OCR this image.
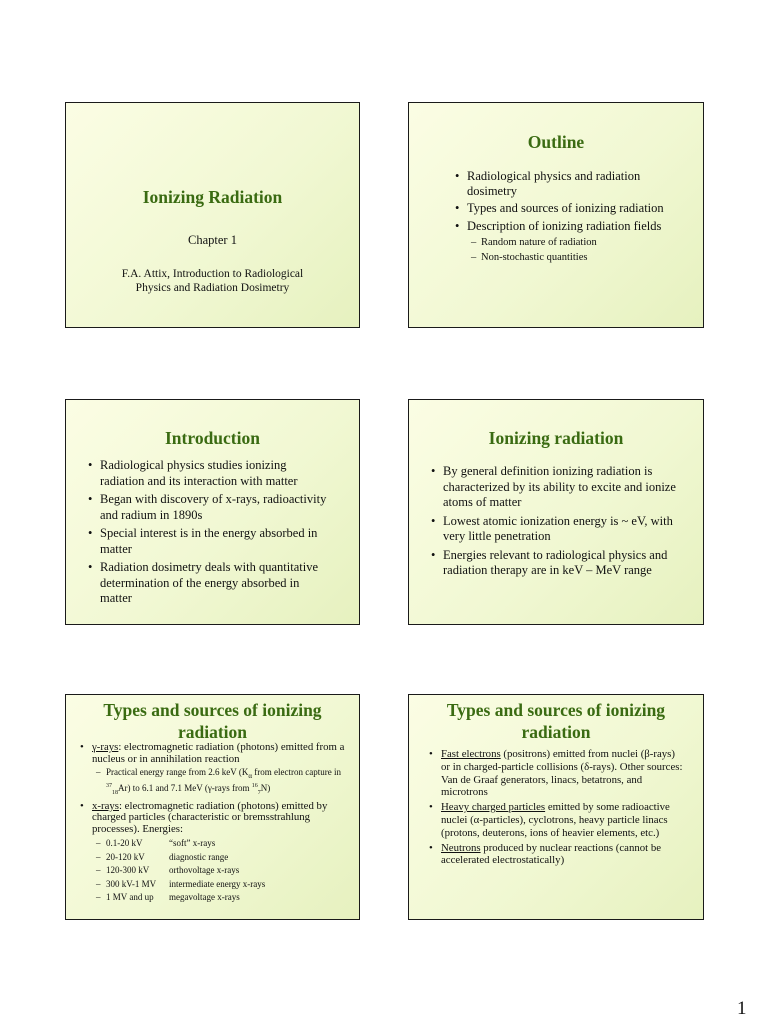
Ionizing Radiation
Chapter 1
F.A. Attix, Introduction to Radiological
Physics and Radiation Dosimetry
Outline
• Radiological physics and radiation dosimetry
• Types and sources of ionizing radiation
• Description of ionizing radiation fields
– Random nature of radiation
– Non-stochastic quantities
Introduction
• Radiological physics studies ionizing radiation and its interaction with matter
• Began with discovery of x-rays, radioactivity and radium in 1890s
• Special interest is in the energy absorbed in matter
• Radiation dosimetry deals with quantitative determination of the energy absorbed in matter
Ionizing radiation
• By general definition ionizing radiation is characterized by its ability to excite and ionize atoms of matter
• Lowest atomic ionization energy is ~ eV, with very little penetration
• Energies relevant to radiological physics and radiation therapy are in keV – MeV range
Types and sources of ionizing radiation
• γ-rays: electromagnetic radiation (photons) emitted from a nucleus or in annihilation reaction
– Practical energy range from 2.6 keV ($K_\alpha$ from electron capture in $^{37}_{18}$Ar) to 6.1 and 7.1 MeV (γ-rays from $^{16}_7$N)
• x-rays: electromagnetic radiation (photons) emitted by charged particles (characteristic or bremsstrahlung processes). Energies:
– 0.1-20 kV	“soft” x-rays
– 20-120 kV	diagnostic range
– 120-300 kV orthovoltage x-rays
– 300 kV-1 MV intermediate energy x-rays
– 1 MV and up megavoltage x-rays
Types and sources of ionizing radiation
• Fast electrons (positrons) emitted from nuclei (β-rays) or in charged-particle collisions (δ-rays). Other sources: Van de Graaf generators, linacs, betatrons, and microtrons
• Heavy charged particles emitted by some radioactive nuclei (α-particles), cyclotrons, heavy particle linacs (protons, deuterons, ions of heavier elements, etc.)
• Neutrons produced by nuclear reactions (cannot be accelerated electrostatically)
1
